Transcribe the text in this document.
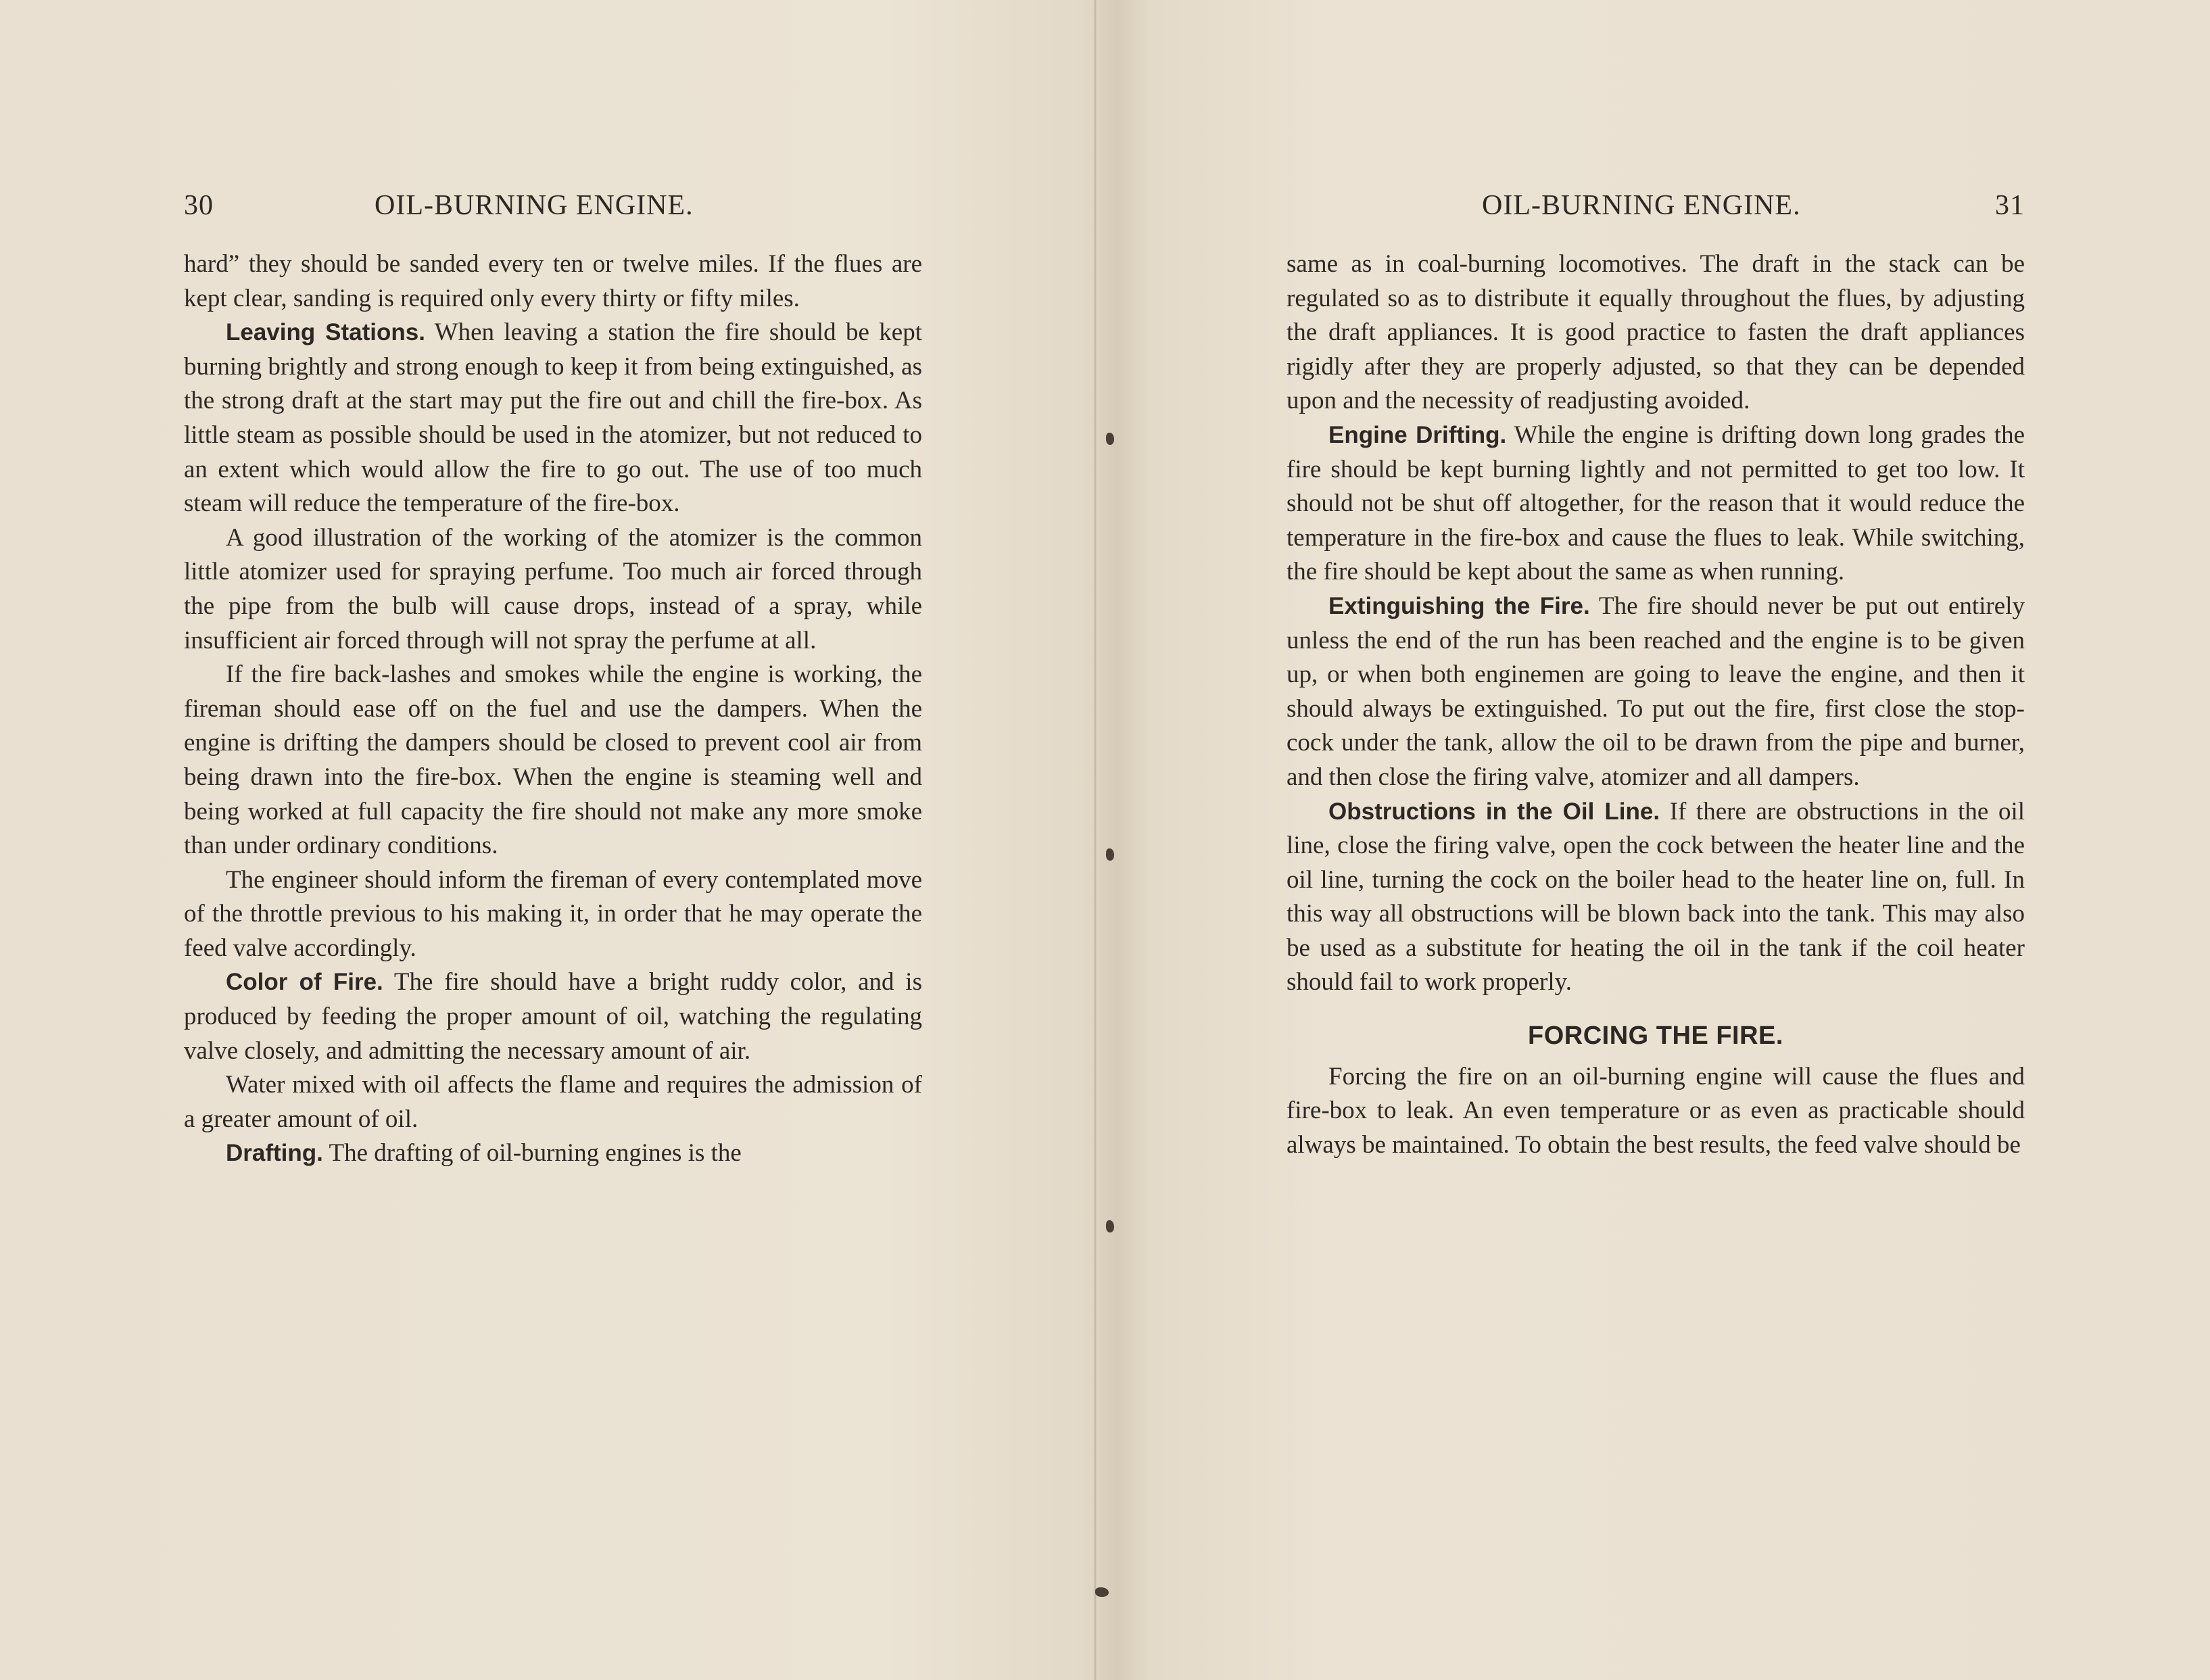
30	OIL-BURNING ENGINE.

hard” they should be sanded every ten or twelve miles. If the flues are kept clear, sanding is required only every thirty or fifty miles.

Leaving Stations. When leaving a station the fire should be kept burning brightly and strong enough to keep it from being extinguished, as the strong draft at the start may put the fire out and chill the fire-box. As little steam as possible should be used in the atomizer, but not reduced to an extent which would allow the fire to go out. The use of too much steam will reduce the temperature of the fire-box.

A good illustration of the working of the atomizer is the common little atomizer used for spraying perfume. Too much air forced through the pipe from the bulb will cause drops, instead of a spray, while insufficient air forced through will not spray the perfume at all.

If the fire back-lashes and smokes while the engine is working, the fireman should ease off on the fuel and use the dampers. When the engine is drifting the dampers should be closed to prevent cool air from being drawn into the fire-box. When the engine is steaming well and being worked at full capacity the fire should not make any more smoke than under ordinary conditions.

The engineer should inform the fireman of every contemplated move of the throttle previous to his making it, in order that he may operate the feed valve accordingly.

Color of Fire. The fire should have a bright ruddy color, and is produced by feeding the proper amount of oil, watching the regulating valve closely, and admitting the necessary amount of air.

Water mixed with oil affects the flame and requires the admission of a greater amount of oil.

Drafting. The drafting of oil-burning engines is the

OIL-BURNING ENGINE.	31

same as in coal-burning locomotives. The draft in the stack can be regulated so as to distribute it equally throughout the flues, by adjusting the draft appliances. It is good practice to fasten the draft appliances rigidly after they are properly adjusted, so that they can be depended upon and the necessity of readjusting avoided.

Engine Drifting. While the engine is drifting down long grades the fire should be kept burning lightly and not permitted to get too low. It should not be shut off altogether, for the reason that it would reduce the temperature in the fire-box and cause the flues to leak. While switching, the fire should be kept about the same as when running.

Extinguishing the Fire. The fire should never be put out entirely unless the end of the run has been reached and the engine is to be given up, or when both enginemen are going to leave the engine, and then it should always be extinguished. To put out the fire, first close the stop-cock under the tank, allow the oil to be drawn from the pipe and burner, and then close the firing valve, atomizer and all dampers.

Obstructions in the Oil Line. If there are obstructions in the oil line, close the firing valve, open the cock between the heater line and the oil line, turning the cock on the boiler head to the heater line on, full. In this way all obstructions will be blown back into the tank. This may also be used as a substitute for heating the oil in the tank if the coil heater should fail to work properly.

FORCING THE FIRE.

Forcing the fire on an oil-burning engine will cause the flues and fire-box to leak. An even temperature or as even as practicable should always be maintained. To obtain the best results, the feed valve should be
